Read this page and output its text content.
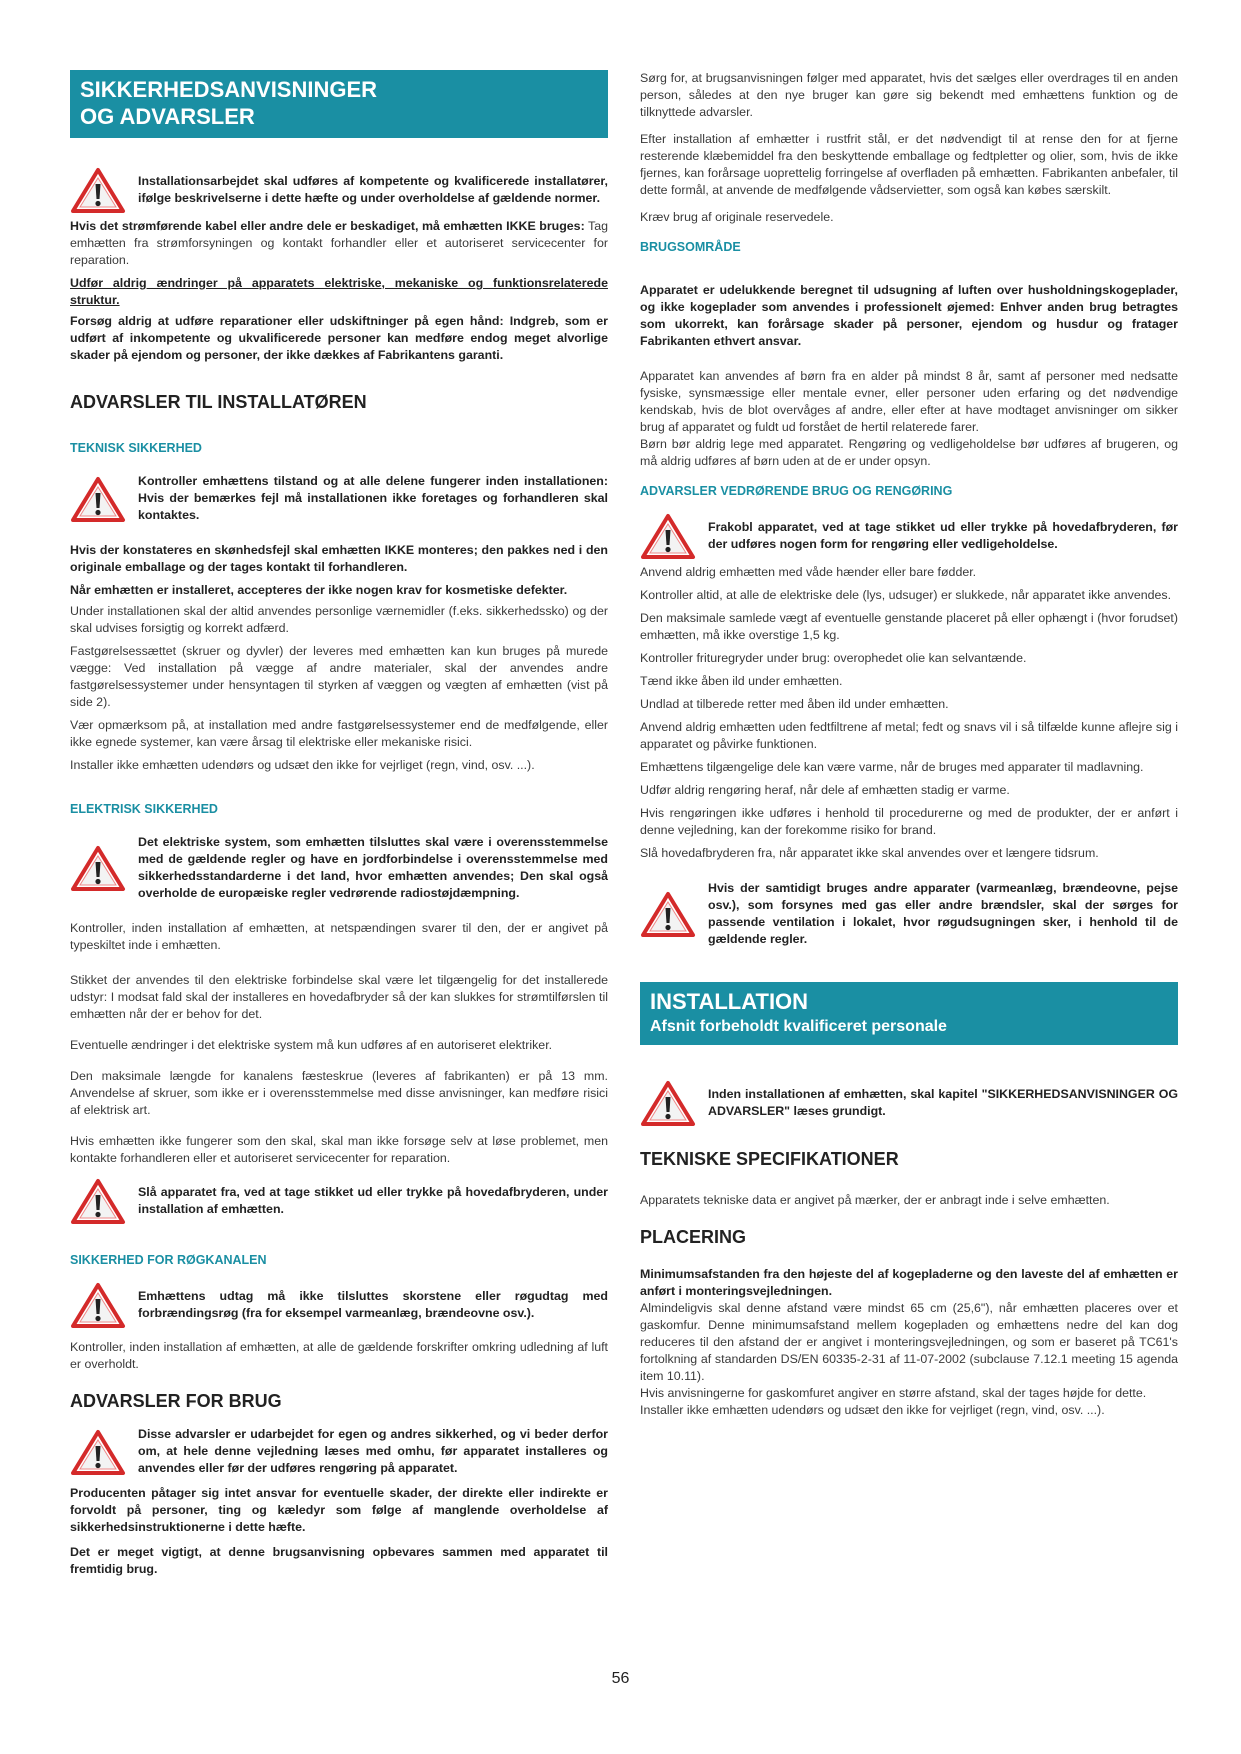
SIKKERHEDSANVISNINGER
OG ADVARSLER

Installationsarbejdet skal udføres af kompetente og kvalificerede installatører, ifølge beskrivelserne i dette hæfte og under overholdelse af gældende normer.

Hvis det strømførende kabel eller andre dele er beskadiget, må emhætten IKKE bruges: Tag emhætten fra strømforsyningen og kontakt forhandler eller et autoriseret servicecenter for reparation.

Udfør aldrig ændringer på apparatets elektriske, mekaniske og funktionsrelaterede struktur.

Forsøg aldrig at udføre reparationer eller udskiftninger på egen hånd: Indgreb, som er udført af inkompetente og ukvalificerede personer kan medføre endog meget alvorlige skader på ejendom og personer, der ikke dækkes af Fabrikantens garanti.

ADVARSLER TIL INSTALLATØREN
TEKNISK SIKKERHED

Kontroller emhættens tilstand og at alle delene fungerer inden installationen: Hvis der bemærkes fejl må installationen ikke foretages og forhandleren skal kontaktes.

Hvis der konstateres en skønhedsfejl skal emhætten IKKE monteres; den pakkes ned i den originale emballage og der tages kontakt til forhandleren.

Når emhætten er installeret, accepteres der ikke nogen krav for kosmetiske defekter.

Under installationen skal der altid anvendes personlige værnemidler (f.eks. sikkerhedssko) og der skal udvises forsigtig og korrekt adfærd.

Fastgørelsessættet (skruer og dyvler) der leveres med emhætten kan kun bruges på murede vægge: Ved installation på vægge af andre materialer, skal der anvendes andre fastgørelsessystemer under hensyntagen til styrken af væggen og vægten af emhætten (vist på side 2).

Vær opmærksom på, at installation med andre fastgørelsessystemer end de medfølgende, eller ikke egnede systemer, kan være årsag til elektriske eller mekaniske risici.

Installer ikke emhætten udendørs og udsæt den ikke for vejrliget (regn, vind, osv. ...).

ELEKTRISK SIKKERHED

Det elektriske system, som emhætten tilsluttes skal være i overensstemmelse med de gældende regler og have en jordforbindelse i overensstemmelse med sikkerhedsstandarderne i det land, hvor emhætten anvendes; Den skal også overholde de europæiske regler vedrørende radiostøjdæmpning.

Kontroller, inden installation af emhætten, at netspændingen svarer til den, der er angivet på typeskiltet inde i emhætten.

Stikket der anvendes til den elektriske forbindelse skal være let tilgængelig for det installerede udstyr: I modsat fald skal der installeres en hovedafbryder så der kan slukkes for strømtilførslen til emhætten når der er behov for det.

Eventuelle ændringer i det elektriske system må kun udføres af en autoriseret elektriker.

Den maksimale længde for kanalens fæsteskrue (leveres af fabrikanten) er på 13 mm. Anvendelse af skruer, som ikke er i overensstemmelse med disse anvisninger, kan medføre risici af elektrisk art.

Hvis emhætten ikke fungerer som den skal, skal man ikke forsøge selv at løse problemet, men kontakte forhandleren eller et autoriseret servicecenter for reparation.

Slå apparatet fra, ved at tage stikket ud eller trykke på hovedafbryderen, under installation af emhætten.

SIKKERHED FOR RØGKANALEN

Emhættens udtag må ikke tilsluttes skorstene eller røgudtag med forbrændingsrøg (fra for eksempel varmeanlæg, brændeovne osv.).

Kontroller, inden installation af emhætten, at alle de gældende forskrifter omkring udledning af luft er overholdt.

ADVARSLER FOR BRUG

Disse advarsler er udarbejdet for egen og andres sikkerhed, og vi beder derfor om, at hele denne vejledning læses med omhu, før apparatet installeres og anvendes eller før der udføres rengøring på apparatet.

Producenten påtager sig intet ansvar for eventuelle skader, der direkte eller indirekte er forvoldt på personer, ting og kæledyr som følge af manglende overholdelse af sikkerhedsinstruktionerne i dette hæfte.

Det er meget vigtigt, at denne brugsanvisning opbevares sammen med apparatet til fremtidig brug.

Sørg for, at brugsanvisningen følger med apparatet, hvis det sælges eller overdrages til en anden person, således at den nye bruger kan gøre sig bekendt med emhættens funktion og de tilknyttede advarsler.

Efter installation af emhætter i rustfrit stål, er det nødvendigt til at rense den for at fjerne resterende klæbemiddel fra den beskyttende emballage og fedtpletter og olier, som, hvis de ikke fjernes, kan forårsage uoprettelig forringelse af overfladen på emhætten. Fabrikanten anbefaler, til dette formål, at anvende de medfølgende vådservietter, som også kan købes særskilt.

Kræv brug af originale reservedele.

BRUGSOMRÅDE

Apparatet er udelukkende beregnet til udsugning af luften over husholdningskogeplader, og ikke kogeplader som anvendes i professionelt øjemed: Enhver anden brug betragtes som ukorrekt, kan forårsage skader på personer, ejendom og husdur og fratager Fabrikanten ethvert ansvar.

Apparatet kan anvendes af børn fra en alder på mindst 8 år, samt af personer med nedsatte fysiske, synsmæssige eller mentale evner, eller personer uden erfaring og det nødvendige kendskab, hvis de blot overvåges af andre, eller efter at have modtaget anvisninger om sikker brug af apparatet og fuldt ud forstået de hertil relaterede farer.

Børn bør aldrig lege med apparatet. Rengøring og vedligeholdelse bør udføres af brugeren, og må aldrig udføres af børn uden at de er under opsyn.

ADVARSLER VEDRØRENDE BRUG OG RENGØRING

Frakobl apparatet, ved at tage stikket ud eller trykke på hovedafbryderen, før der udføres nogen form for rengøring eller vedligeholdelse.

Anvend aldrig emhætten med våde hænder eller bare fødder.

Kontroller altid, at alle de elektriske dele (lys, udsuger) er slukkede, når apparatet ikke anvendes.

Den maksimale samlede vægt af eventuelle genstande placeret på eller ophængt i (hvor forudset) emhætten, må ikke overstige 1,5 kg.

Kontroller frituregryder under brug: overophedet olie kan selvantænde.

Tænd ikke åben ild under emhætten.

Undlad at tilberede retter med åben ild under emhætten.

Anvend aldrig emhætten uden fedtfiltrene af metal; fedt og snavs vil i så tilfælde kunne aflejre sig i apparatet og påvirke funktionen.

Emhættens tilgængelige dele kan være varme, når de bruges med apparater til madlavning.

Udfør aldrig rengøring heraf, når dele af emhætten stadig er varme.

Hvis rengøringen ikke udføres i henhold til procedurerne og med de produkter, der er anført i denne vejledning, kan der forekomme risiko for brand.

Slå hovedafbryderen fra, når apparatet ikke skal anvendes over et længere tidsrum.

Hvis der samtidigt bruges andre apparater (varmeanlæg, brændeovne, pejse osv.), som forsynes med gas eller andre brændsler, skal der sørges for passende ventilation i lokalet, hvor røgudsugningen sker, i henhold til de gældende regler.

INSTALLATION
Afsnit forbeholdt kvalificeret personale

Inden installationen af emhætten, skal kapitel "SIKKERHEDSANVISNINGER OG ADVARSLER" læses grundigt.

TEKNISKE SPECIFIKATIONER

Apparatets tekniske data er angivet på mærker, der er anbragt inde i selve emhætten.

PLACERING

Minimumsafstanden fra den højeste del af kogepladerne og den laveste del af emhætten er anført i monteringsvejledningen.

Almindeligvis skal denne afstand være mindst 65 cm (25,6"), når emhætten placeres over et gaskomfur. Denne minimumsafstand mellem kogepladen og emhættens nedre del kan dog reduceres til den afstand der er angivet i monteringsvejledningen, og som er baseret på TC61's fortolkning af standarden DS/EN 60335-2-31 af 11-07-2002 (subclause 7.12.1 meeting 15 agenda item 10.11).

Hvis anvisningerne for gaskomfuret angiver en større afstand, skal der tages højde for dette.

Installer ikke emhætten udendørs og udsæt den ikke for vejrliget (regn, vind, osv. ...).

56
